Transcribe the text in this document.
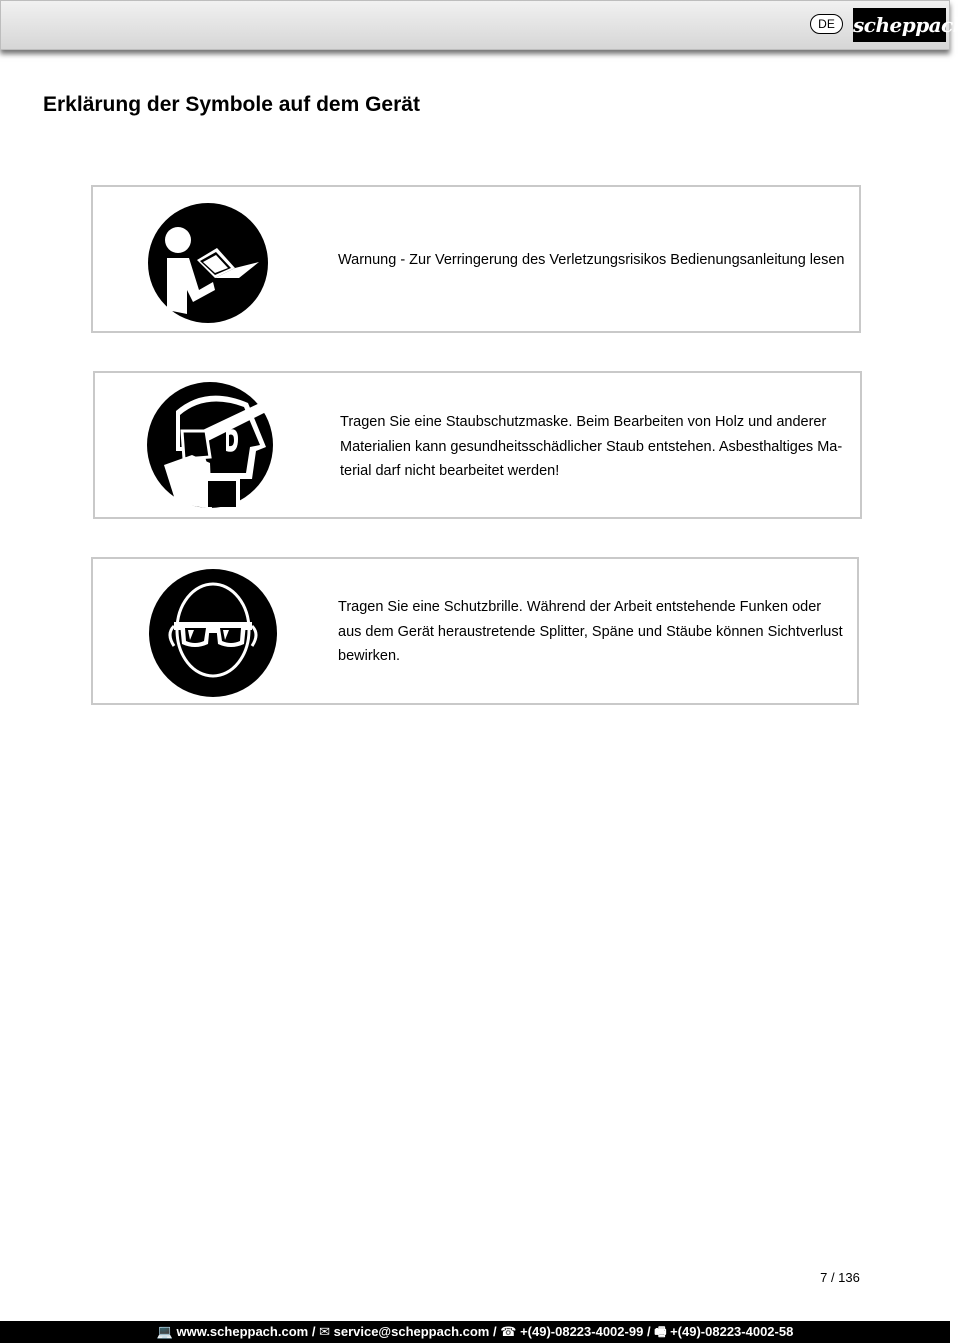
DE scheppach
Erklärung der Symbole auf dem Gerät

Warnung - Zur Verringerung des Verletzungsrisikos Bedienungsanleitung lesen

Tragen Sie eine Staubschutzmaske. Beim Bearbeiten von Holz und anderer
Materialien kann gesundheitsschädlicher Staub entstehen. Asbesthaltiges Ma-
terial darf nicht bearbeitet werden!

Tragen Sie eine Schutzbrille. Während der Arbeit entstehende Funken oder
aus dem Gerät heraustretende Splitter, Späne und Stäube können Sichtverlust
bewirken.

7 / 136
💻 www.scheppach.com / ✉ service@scheppach.com / ☎ +(49)-08223-4002-99 / 🖷 +(49)-08223-4002-58
